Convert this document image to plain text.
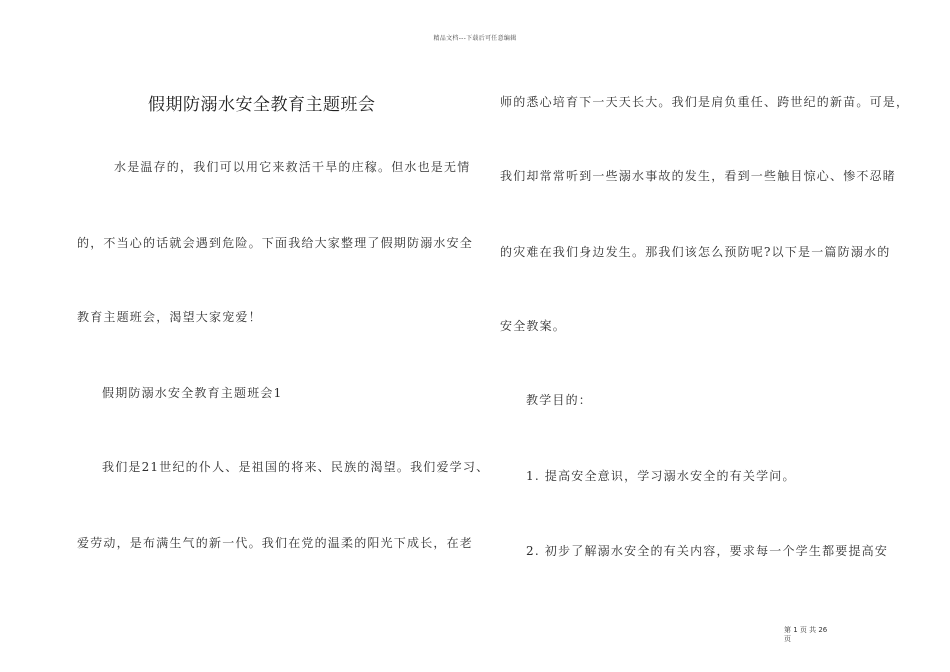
精品文档---下载后可任意编辑
假期防溺水安全教育主题班会
水是温存的，我们可以用它来救活干旱的庄稼。但水也是无情
的，不当心的话就会遇到危险。下面我给大家整理了假期防溺水安全
教育主题班会，渴望大家宠爱！
假期防溺水安全教育主题班会1
我们是21世纪的仆人、是祖国的将来、民族的渴望。我们爱学习、
爱劳动，是布满生气的新一代。我们在党的温柔的阳光下成长，在老
师的悉心培育下一天天长大。我们是肩负重任、跨世纪的新苗。可是，
我们却常常听到一些溺水事故的发生，看到一些触目惊心、惨不忍睹
的灾难在我们身边发生。那我们该怎么预防呢?以下是一篇防溺水的
安全教案。
教学目的：
1. 提高安全意识，学习溺水安全的有关学问。
2. 初步了解溺水安全的有关内容，要求每一个学生都要提高安
第 1 页 共 26
页
